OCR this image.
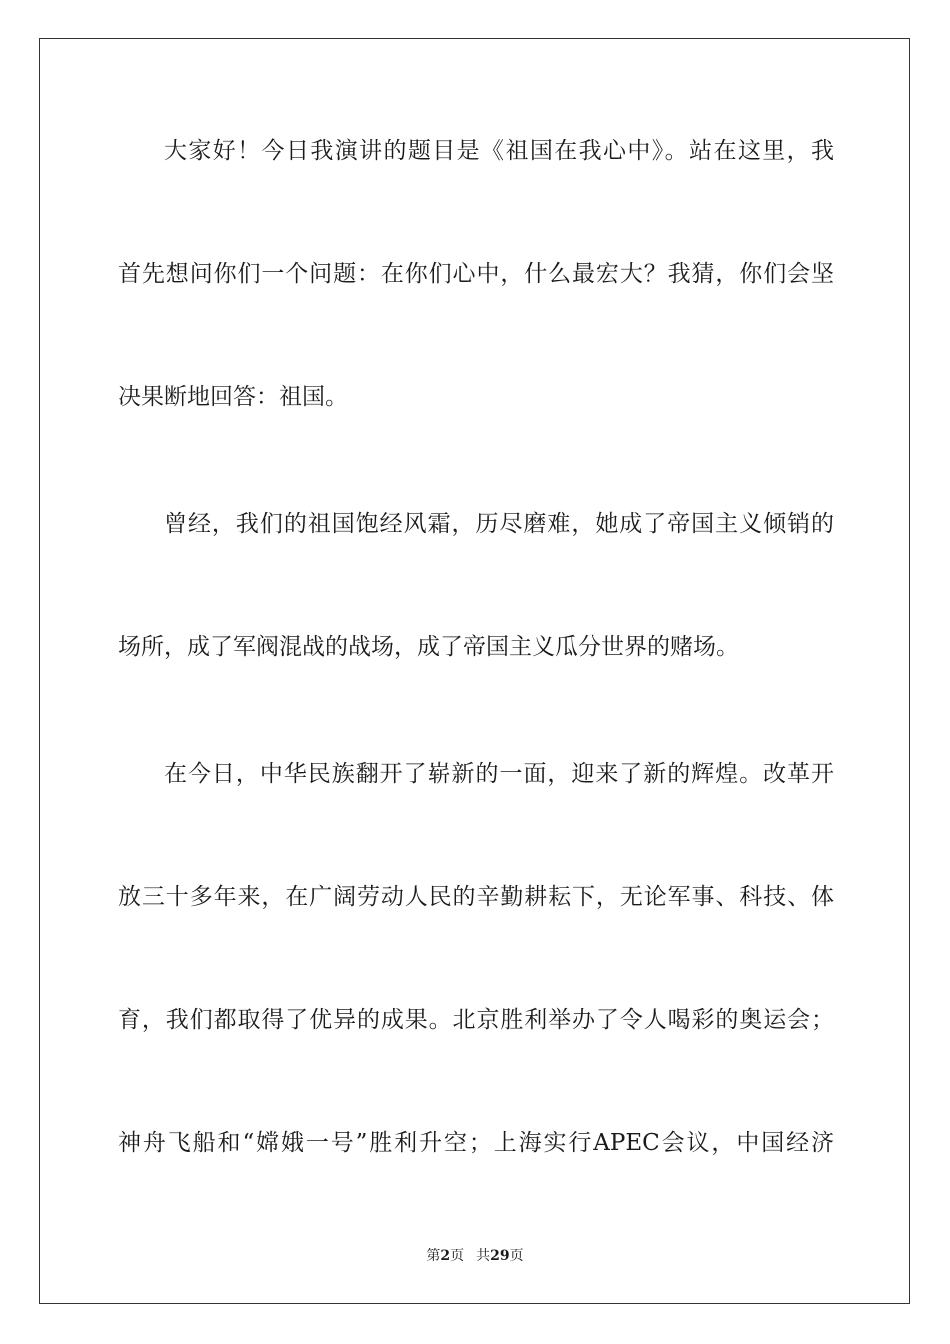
大家好！今日我演讲的题目是《祖国在我心中》。站在这里，我
首先想问你们一个问题：在你们心中，什么最宏大？我猜，你们会坚
决果断地回答：祖国。
曾经，我们的祖国饱经风霜，历尽磨难，她成了帝国主义倾销的
场所，成了军阀混战的战场，成了帝国主义瓜分世界的赌场。
在今日，中华民族翻开了崭新的一面，迎来了新的辉煌。改革开
放三十多年来，在广阔劳动人民的辛勤耕耘下，无论军事、科技、体
育，我们都取得了优异的成果。北京胜利举办了令人喝彩的奥运会；
神舟飞船和“嫦娥一号”胜利升空；上海实行APEC会议，中国经济
第2页 共29页
